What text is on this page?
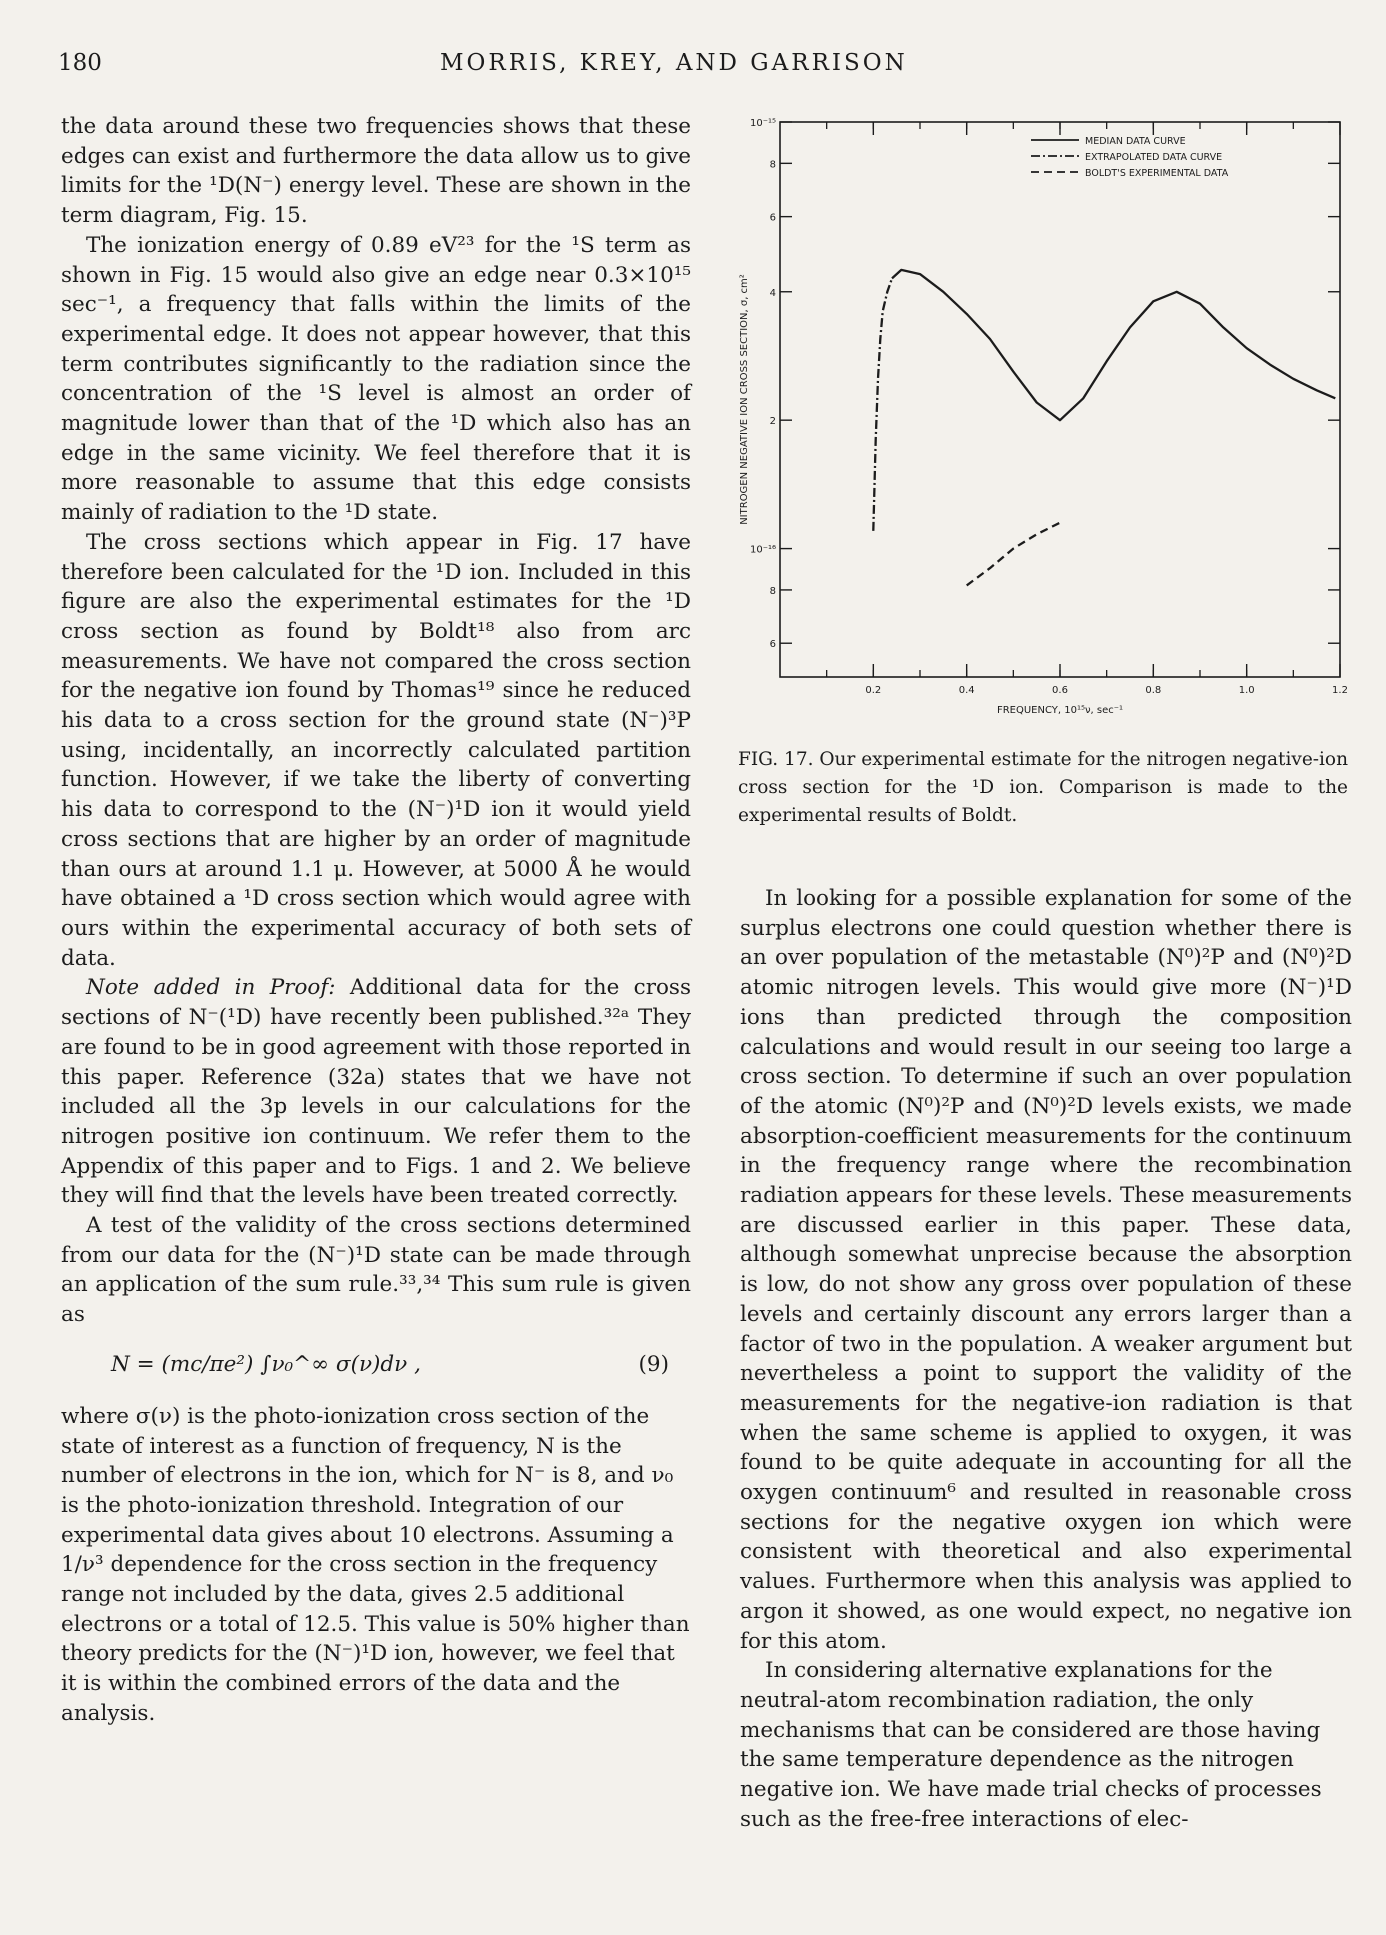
180	MORRIS, KREY, AND GARRISON

the data around these two frequencies shows that these edges can exist and furthermore the data allow us to give limits for the ¹D(N⁻) energy level. These are shown in the term diagram, Fig. 15.

The ionization energy of 0.89 eV²³ for the ¹S term as shown in Fig. 15 would also give an edge near 0.3×10¹⁵ sec⁻¹, a frequency that falls within the limits of the experimental edge. It does not appear however, that this term contributes significantly to the radiation since the concentration of the ¹S level is almost an order of magnitude lower than that of the ¹D which also has an edge in the same vicinity. We feel therefore that it is more reasonable to assume that this edge consists mainly of radiation to the ¹D state.

The cross sections which appear in Fig. 17 have therefore been calculated for the ¹D ion. Included in this figure are also the experimental estimates for the ¹D cross section as found by Boldt¹⁸ also from arc measurements. We have not compared the cross section for the negative ion found by Thomas¹⁹ since he reduced his data to a cross section for the ground state (N⁻)³P using, incidentally, an incorrectly calculated partition function. However, if we take the liberty of converting his data to correspond to the (N⁻)¹D ion it would yield cross sections that are higher by an order of magnitude than ours at around 1.1 μ. However, at 5000 Å he would have obtained a ¹D cross section which would agree with ours within the experimental accuracy of both sets of data.

Note added in Proof: Additional data for the cross sections of N⁻(¹D) have recently been published.³²ᵃ They are found to be in good agreement with those reported in this paper. Reference (32a) states that we have not included all the 3p levels in our calculations for the nitrogen positive ion continuum. We refer them to the Appendix of this paper and to Figs. 1 and 2. We believe they will find that the levels have been treated correctly.

A test of the validity of the cross sections determined from our data for the (N⁻)¹D state can be made through an application of the sum rule.³³,³⁴ This sum rule is given as

N = (mc/πe²) ∫ν₀^∞ σ(ν)dν ,	(9)

where σ(ν) is the photo-ionization cross section of the state of interest as a function of frequency, N is the number of electrons in the ion, which for N⁻ is 8, and ν₀ is the photo-ionization threshold. Integration of our experimental data gives about 10 electrons. Assuming a 1/ν³ dependence for the cross section in the frequency range not included by the data, gives 2.5 additional electrons or a total of 12.5. This value is 50% higher than theory predicts for the (N⁻)¹D ion, however, we feel that it is within the combined errors of the data and the analysis.

10⁻¹⁵
8
6
4
2
10⁻¹⁶
8
6
0.2	0.4	0.6	0.8	1.0	1.2
MEDIAN DATA CURVE
EXTRAPOLATED DATA CURVE
BOLDT'S EXPERIMENTAL DATA
FREQUENCY, 10¹⁵ν, sec⁻¹
NITROGEN NEGATIVE ION CROSS SECTION, σ, cm²
FIG. 17. Our experimental estimate for the nitrogen negative-ion cross section for the ¹D ion. Comparison is made to the experimental results of Boldt.

In looking for a possible explanation for some of the surplus electrons one could question whether there is an over population of the metastable (N⁰)²P and (N⁰)²D atomic nitrogen levels. This would give more (N⁻)¹D ions than predicted through the composition calculations and would result in our seeing too large a cross section. To determine if such an over population of the atomic (N⁰)²P and (N⁰)²D levels exists, we made absorption-coefficient measurements for the continuum in the frequency range where the recombination radiation appears for these levels. These measurements are discussed earlier in this paper. These data, although somewhat unprecise because the absorption is low, do not show any gross over population of these levels and certainly discount any errors larger than a factor of two in the population. A weaker argument but nevertheless a point to support the validity of the measurements for the negative-ion radiation is that when the same scheme is applied to oxygen, it was found to be quite adequate in accounting for all the oxygen continuum⁶ and resulted in reasonable cross sections for the negative oxygen ion which were consistent with theoretical and also experimental values. Furthermore when this analysis was applied to argon it showed, as one would expect, no negative ion for this atom.

In considering alternative explanations for the neutral-atom recombination radiation, the only mechanisms that can be considered are those having the same temperature dependence as the nitrogen negative ion. We have made trial checks of processes such as the free-free interactions of elec-
